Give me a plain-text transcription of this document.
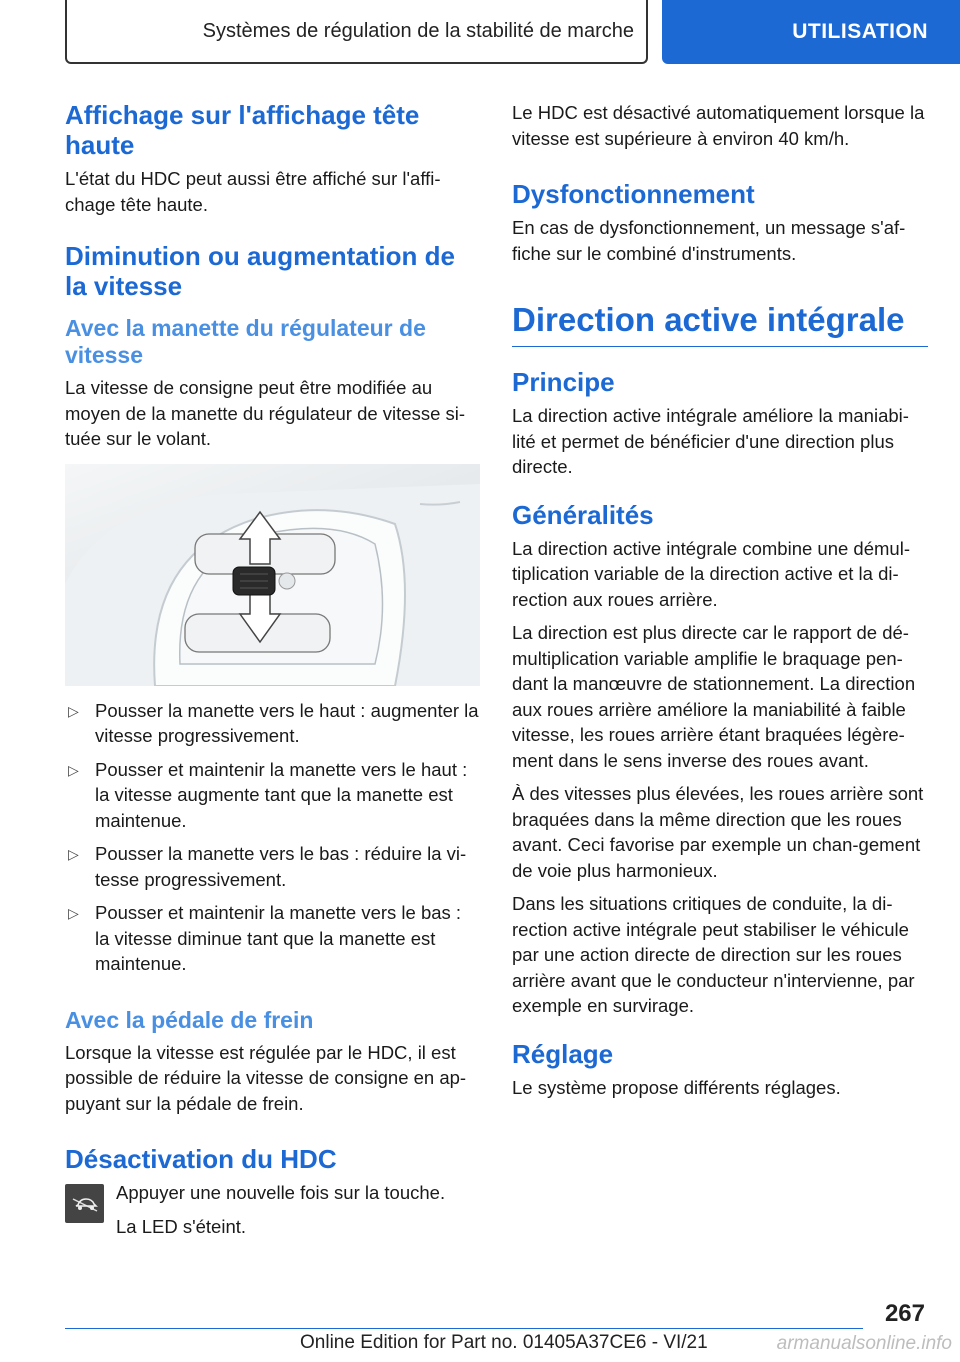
Systèmes de régulation de la stabilité de marche	UTILISATION
Affichage sur l'affichage tête haute

L'état du HDC peut aussi être affiché sur l'affi-chage tête haute.

Diminution ou augmentation de la vitesse
Avec la manette du régulateur de vitesse

La vitesse de consigne peut être modifiée au moyen de la manette du régulateur de vitesse si-tuée sur le volant.

▷ Pousser la manette vers le haut : augmenter la vitesse progressivement.
▷ Pousser et maintenir la manette vers le haut : la vitesse augmente tant que la manette est maintenue.
▷ Pousser la manette vers le bas : réduire la vi-tesse progressivement.
▷ Pousser et maintenir la manette vers le bas : la vitesse diminue tant que la manette est maintenue.
Avec la pédale de frein

Lorsque la vitesse est régulée par le HDC, il est possible de réduire la vitesse de consigne en ap-puyant sur la pédale de frein.

Désactivation du HDC

Appuyer une nouvelle fois sur la touche.

La LED s'éteint.

Le HDC est désactivé automatiquement lorsque la vitesse est supérieure à environ 40 km/h.

Dysfonctionnement

En cas de dysfonctionnement, un message s'af-fiche sur le combiné d'instruments.

Direction active intégrale
Principe

La direction active intégrale améliore la maniabi-lité et permet de bénéficier d'une direction plus directe.

Généralités

La direction active intégrale combine une démul-tiplication variable de la direction active et la di-rection aux roues arrière.

La direction est plus directe car le rapport de dé-multiplication variable amplifie le braquage pen-dant la manœuvre de stationnement. La direction aux roues arrière améliore la maniabilité à faible vitesse, les roues arrière étant braquées légère-ment dans le sens inverse des roues avant.

À des vitesses plus élevées, les roues arrière sont braquées dans la même direction que les roues avant. Ceci favorise par exemple un chan-gement de voie plus harmonieux.

Dans les situations critiques de conduite, la di-rection active intégrale peut stabiliser le véhicule par une action directe de direction sur les roues arrière avant que le conducteur n'intervienne, par exemple en survirage.

Réglage

Le système propose différents réglages.

267
Online Edition for Part no. 01405A37CE6 - VI/21	armanualsonline.info
